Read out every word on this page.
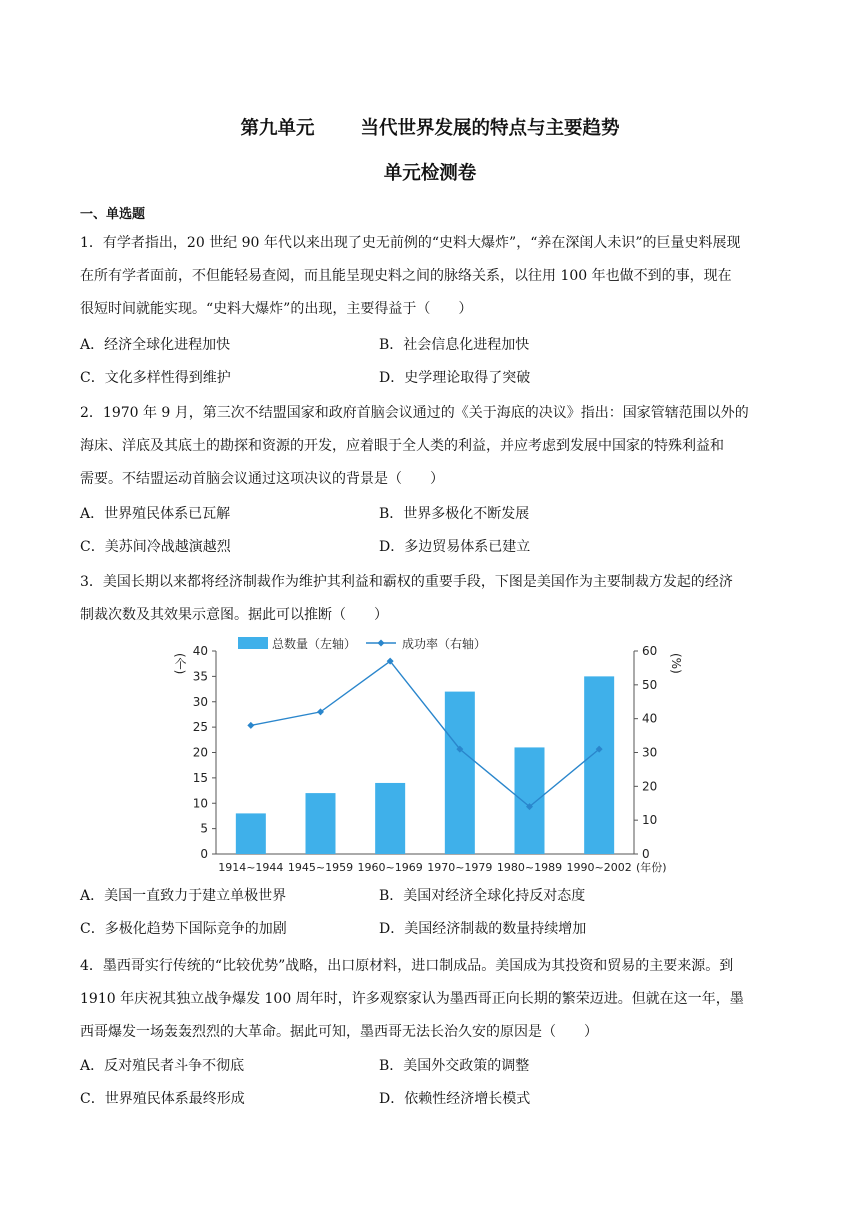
第九单元 当代世界发展的特点与主要趋势
单元检测卷
一、单选题
1．有学者指出，20 世纪 90 年代以来出现了史无前例的“史料大爆炸”，“养在深闺人未识”的巨量史料展现
在所有学者面前，不但能轻易查阅，而且能呈现史料之间的脉络关系，以往用 100 年也做不到的事，现在
很短时间就能实现。“史料大爆炸”的出现，主要得益于（　　）
A．经济全球化进程加快	B．社会信息化进程加快
C．文化多样性得到维护	D．史学理论取得了突破
2．1970 年 9 月，第三次不结盟国家和政府首脑会议通过的《关于海底的决议》指出：国家管辖范围以外的
海床、洋底及其底土的勘探和资源的开发，应着眼于全人类的利益，并应考虑到发展中国家的特殊利益和
需要。不结盟运动首脑会议通过这项决议的背景是（　　）
A．世界殖民体系已瓦解	B．世界多极化不断发展
C．美苏间冷战越演越烈	D．多边贸易体系已建立
3．美国长期以来都将经济制裁作为维护其利益和霸权的重要手段，下图是美国作为主要制裁方发起的经济
制裁次数及其效果示意图。据此可以推断（　　）
0
5
10
15
20
25
30
35
40
0
10
20
30
40
50
60
(个)	(%)
1914~1944 1945~1959 1960~1969 1970~1979 1980~1989 1990~2002 (年份)
总数量（左轴）	成功率（右轴）
A．美国一直致力于建立单极世界	B．美国对经济全球化持反对态度
C．多极化趋势下国际竞争的加剧	D．美国经济制裁的数量持续增加
4．墨西哥实行传统的“比较优势”战略，出口原材料，进口制成品。美国成为其投资和贸易的主要来源。到
1910 年庆祝其独立战争爆发 100 周年时，许多观察家认为墨西哥正向长期的繁荣迈进。但就在这一年，墨
西哥爆发一场轰轰烈烈的大革命。据此可知，墨西哥无法长治久安的原因是（　　）
A．反对殖民者斗争不彻底	B．美国外交政策的调整
C．世界殖民体系最终形成	D．依赖性经济增长模式
